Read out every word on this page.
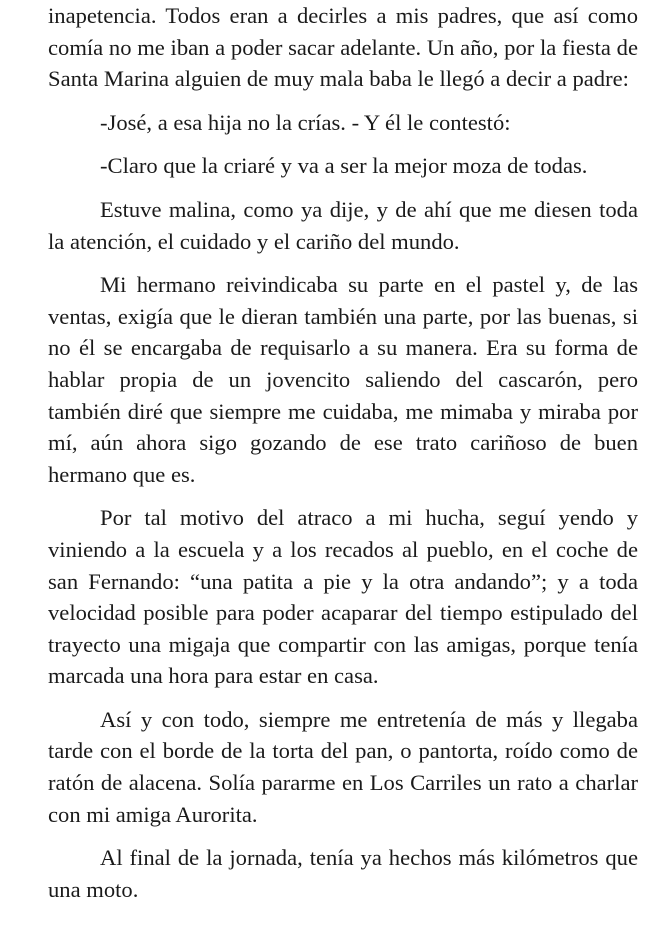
inapetencia. Todos eran a decirles a mis padres, que así como comía no me iban a poder sacar adelante. Un año, por la fiesta de Santa Marina alguien de muy mala baba le llegó a decir a padre:

-José, a esa hija no la crías. - Y él le contestó:

-Claro que la criaré y va a ser la mejor moza de todas.

Estuve malina, como ya dije, y de ahí que me diesen toda la atención, el cuidado y el cariño del mundo.

Mi hermano reivindicaba su parte en el pastel y, de las ventas, exigía que le dieran también una parte, por las buenas, si no él se encargaba de requisarlo a su manera. Era su forma de hablar propia de un jovencito saliendo del cascarón, pero también diré que siempre me cuidaba, me mimaba y miraba por mí, aún ahora sigo gozando de ese trato cariñoso de buen hermano que es.

Por tal motivo del atraco a mi hucha, seguí yendo y viniendo a la escuela y a los recados al pueblo, en el coche de san Fernando: “una patita a pie y la otra andando”; y a toda velocidad posible para poder acaparar del tiempo estipulado del trayecto una migaja que compartir con las amigas, porque tenía marcada una hora para estar en casa.

Así y con todo, siempre me entretenía de más y llegaba tarde con el borde de la torta del pan, o pantorta, roído como de ratón de alacena. Solía pararme en Los Carriles un rato a charlar con mi amiga Aurorita.

Al final de la jornada, tenía ya hechos más kilómetros que una moto.
